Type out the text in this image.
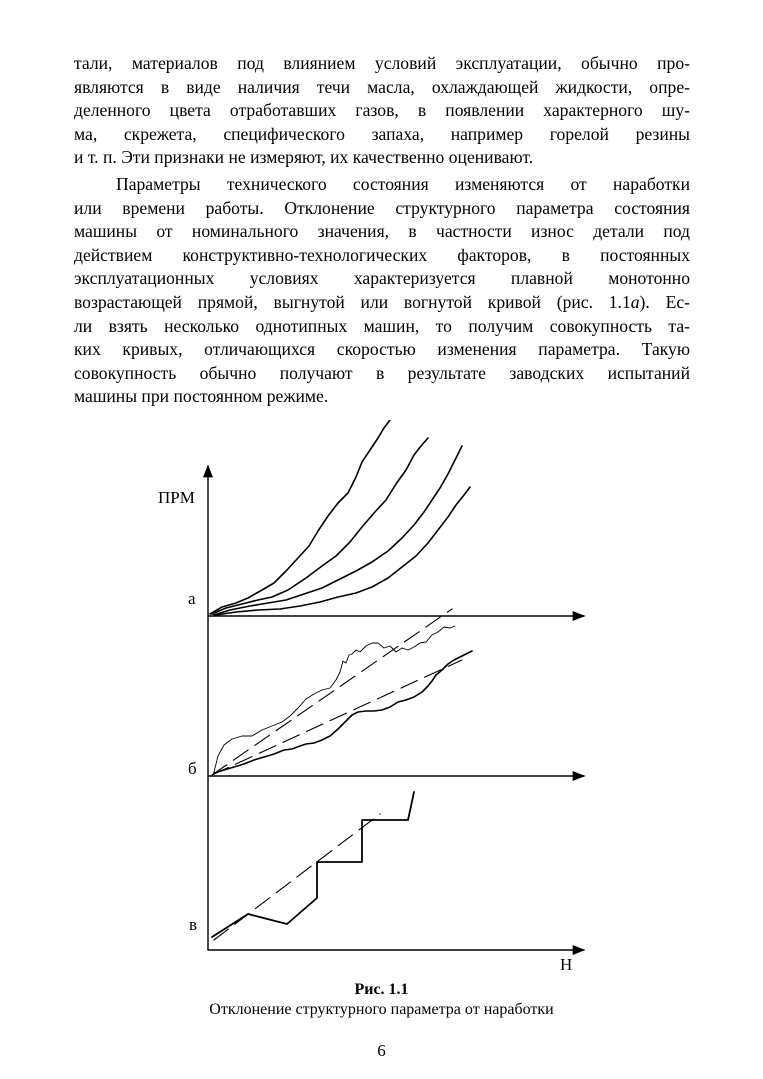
тали, материалов под влиянием условий эксплуатации, обычно про-
являются в виде наличия течи масла, охлаждающей жидкости, опре-
деленного цвета отработавших газов, в появлении характерного шу-
ма, скрежета, специфического запаха, например горелой резины
и т. п. Эти признаки не измеряют, их качественно оценивают.
Параметры технического состояния изменяются от наработки
или времени работы. Отклонение структурного параметра состояния
машины от номинального значения, в частности износ детали под
действием конструктивно-технологических факторов, в постоянных
эксплуатационных условиях характеризуется плавной монотонно
возрастающей прямой, выгнутой или вогнутой кривой (рис. 1.1а). Ес-
ли взять несколько однотипных машин, то получим совокупность та-
ких кривых, отличающихся скоростью изменения параметра. Такую
совокупность обычно получают в результате заводских испытаний
машины при постоянном режиме.
ПРМ
Н
а
б
в
Рис. 1.1
Отклонение структурного параметра от наработки
6
